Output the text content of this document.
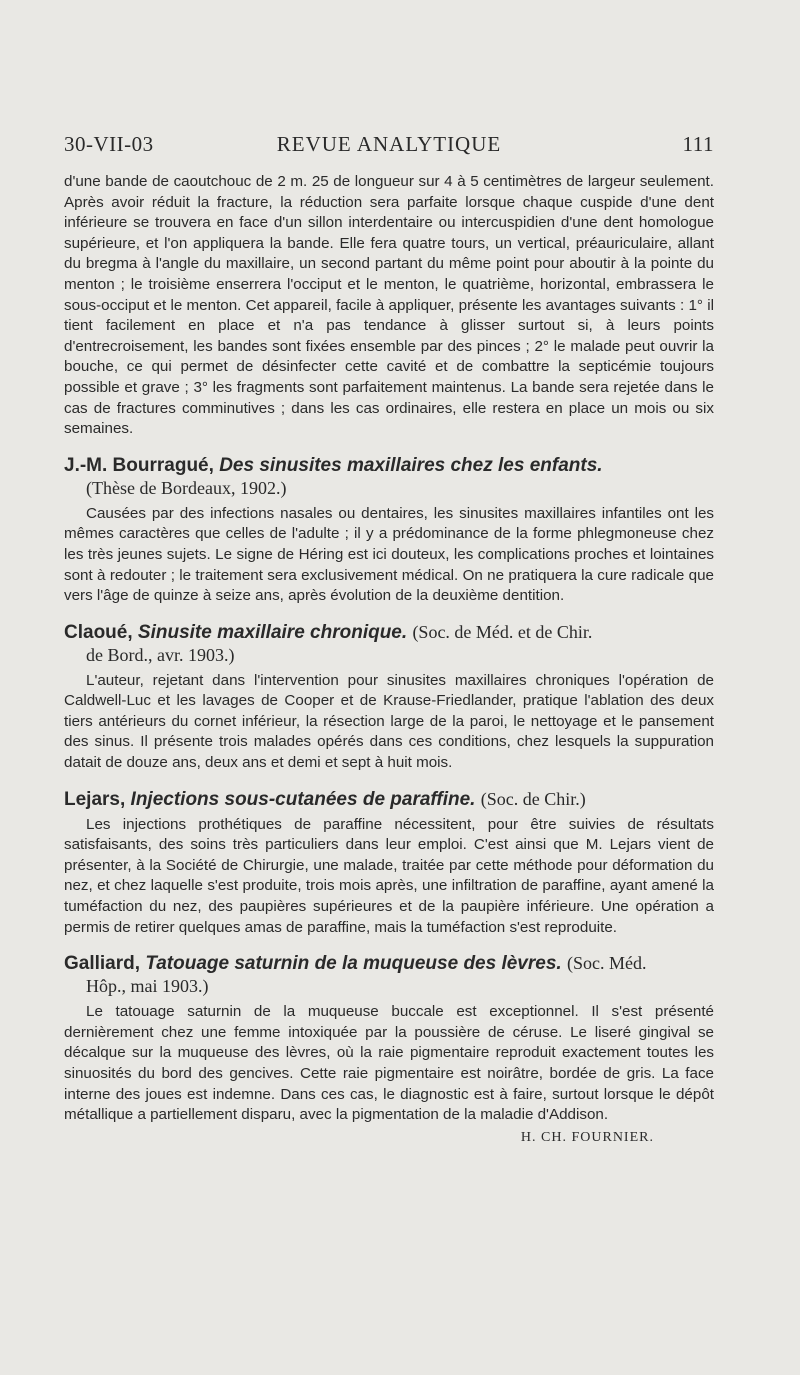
30-VII-03	REVUE ANALYTIQUE	111

d'une bande de caoutchouc de 2 m. 25 de longueur sur 4 à 5 centimètres de largeur seulement. Après avoir réduit la fracture, la réduction sera parfaite lorsque chaque cuspide d'une dent inférieure se trouvera en face d'un sillon interdentaire ou intercuspidien d'une dent homologue supérieure, et l'on appliquera la bande. Elle fera quatre tours, un vertical, préauriculaire, allant du bregma à l'angle du maxillaire, un second partant du même point pour aboutir à la pointe du menton ; le troisième enserrera l'occiput et le menton, le quatrième, horizontal, embrassera le sous-occiput et le menton. Cet appareil, facile à appliquer, présente les avantages suivants : 1° il tient facilement en place et n'a pas tendance à glisser surtout si, à leurs points d'entrecroisement, les bandes sont fixées ensemble par des pinces ; 2° le malade peut ouvrir la bouche, ce qui permet de désinfecter cette cavité et de combattre la septicémie toujours possible et grave ; 3° les fragments sont parfaitement maintenus. La bande sera rejetée dans le cas de fractures comminutives ; dans les cas ordinaires, elle restera en place un mois ou six semaines.

J.-M. Bourragué, Des sinusites maxillaires chez les enfants.
(Thèse de Bordeaux, 1902.)

Causées par des infections nasales ou dentaires, les sinusites maxillaires infantiles ont les mêmes caractères que celles de l'adulte ; il y a prédominance de la forme phlegmoneuse chez les très jeunes sujets. Le signe de Héring est ici douteux, les complications proches et lointaines sont à redouter ; le traitement sera exclusivement médical. On ne pratiquera la cure radicale que vers l'âge de quinze à seize ans, après évolution de la deuxième dentition.

Claoué, Sinusite maxillaire chronique. (Soc. de Méd. et de Chir.
de Bord., avr. 1903.)

L'auteur, rejetant dans l'intervention pour sinusites maxillaires chroniques l'opération de Caldwell-Luc et les lavages de Cooper et de Krause-Friedlander, pratique l'ablation des deux tiers antérieurs du cornet inférieur, la résection large de la paroi, le nettoyage et le pansement des sinus. Il présente trois malades opérés dans ces conditions, chez lesquels la suppuration datait de douze ans, deux ans et demi et sept à huit mois.

Lejars, Injections sous-cutanées de paraffine. (Soc. de Chir.)

Les injections prothétiques de paraffine nécessitent, pour être suivies de résultats satisfaisants, des soins très particuliers dans leur emploi. C'est ainsi que M. Lejars vient de présenter, à la Société de Chirurgie, une malade, traitée par cette méthode pour déformation du nez, et chez laquelle s'est produite, trois mois après, une infiltration de paraffine, ayant amené la tuméfaction du nez, des paupières supérieures et de la paupière inférieure. Une opération a permis de retirer quelques amas de paraffine, mais la tuméfaction s'est reproduite.

Galliard, Tatouage saturnin de la muqueuse des lèvres. (Soc. Méd.
Hôp., mai 1903.)

Le tatouage saturnin de la muqueuse buccale est exceptionnel. Il s'est présenté dernièrement chez une femme intoxiquée par la poussière de céruse. Le liseré gingival se décalque sur la muqueuse des lèvres, où la raie pigmentaire reproduit exactement toutes les sinuosités du bord des gencives. Cette raie pigmentaire est noirâtre, bordée de gris. La face interne des joues est indemne. Dans ces cas, le diagnostic est à faire, surtout lorsque le dépôt métallique a partiellement disparu, avec la pigmentation de la maladie d'Addison.

H. CH. FOURNIER.
